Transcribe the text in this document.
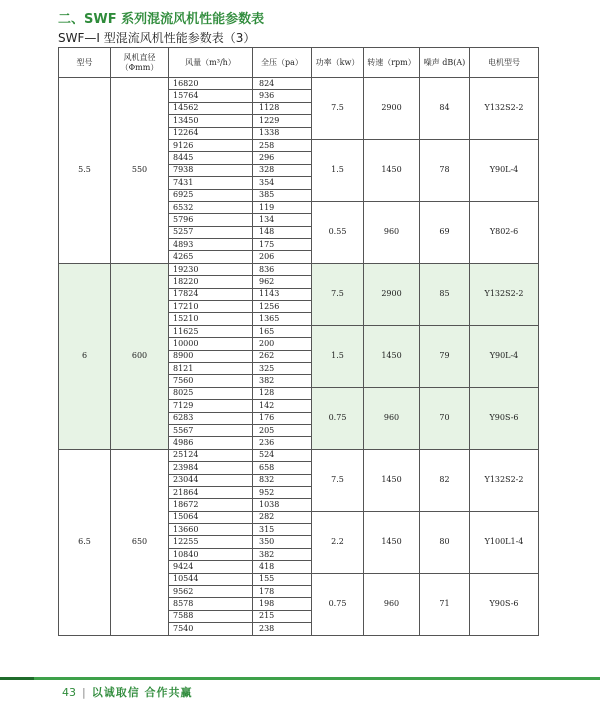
二、SWF 系列混流风机性能参数表
SWF—Ⅰ 型混流风机性能参数表（3）
型号	风机直径（Φmm）	风量（m³/h）	全压（pa）	功率（kw）	转速（rpm）	噪声 dB(A)	电机型号
5.5	550	16820	824	7.5	2900	84	Y132S2-2
		15764	936				
		14562	1128				
		13450	1229				
		12264	1338				
		9126	258	1.5	1450	78	Y90L-4
		8445	296				
		7938	328				
		7431	354				
		6925	385				
		6532	119	0.55	960	69	Y802-6
		5796	134				
		5257	148				
		4893	175				
		4265	206				
6	600	19230	836	7.5	2900	85	Y132S2-2
		18220	962				
		17824	1143				
		17210	1256				
		15210	1365				
		11625	165	1.5	1450	79	Y90L-4
		10000	200				
		8900	262				
		8121	325				
		7560	382				
		8025	128	0.75	960	70	Y90S-6
		7129	142				
		6283	176				
		5567	205				
		4986	236				
6.5	650	25124	524	7.5	1450	82	Y132S2-2
		23984	658				
		23044	832				
		21864	952				
		18672	1038				
		15064	282	2.2	1450	80	Y100L1-4
		13660	315				
		12255	350				
		10840	382				
		9424	418				
		10544	155	0.75	960	71	Y90S-6
		9562	178				
		8578	198				
		7588	215				
		7540	238				
43 | 以诚取信 合作共赢
